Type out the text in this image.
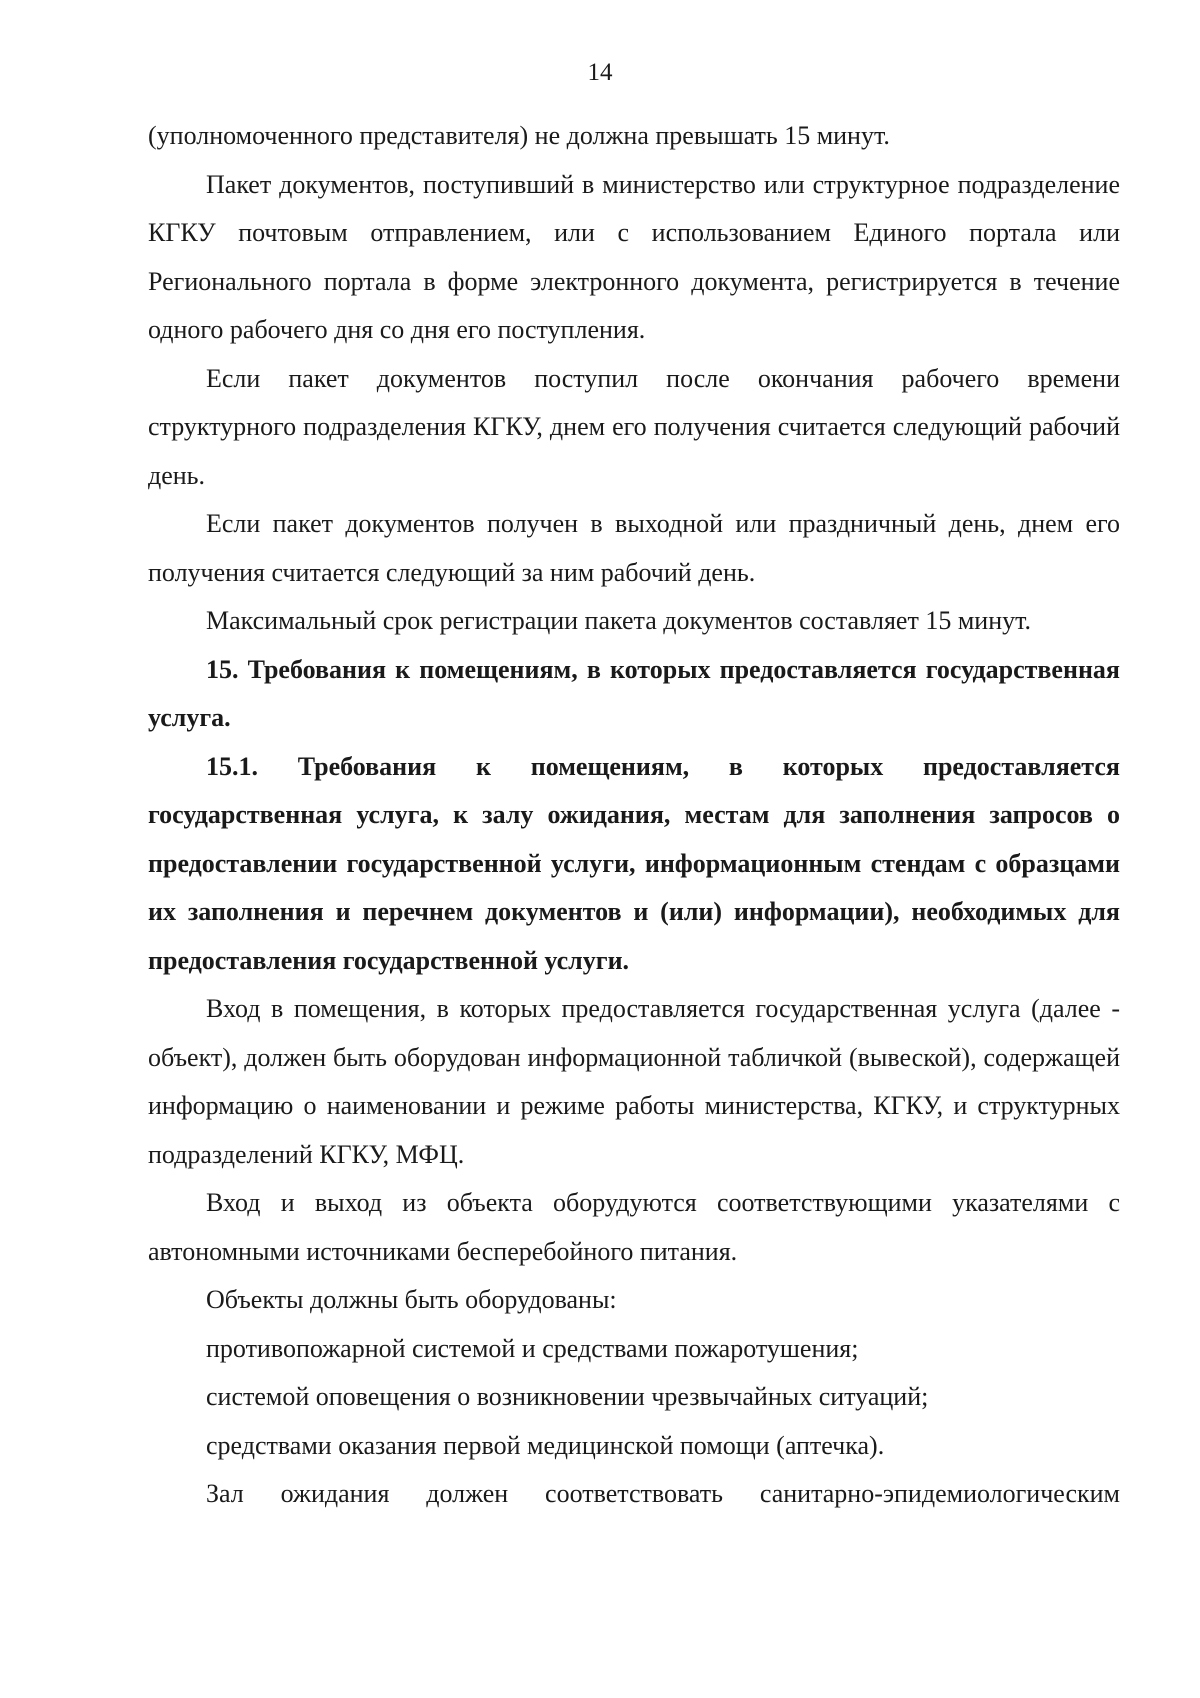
14

(уполномоченного представителя) не должна превышать 15 минут.

Пакет документов, поступивший в министерство или структурное подразделение КГКУ почтовым отправлением, или с использованием Единого портала или Регионального портала в форме электронного документа, регистрируется в течение одного рабочего дня со дня его поступления.

Если пакет документов поступил после окончания рабочего времени структурного подразделения КГКУ, днем его получения считается следующий рабочий день.

Если пакет документов получен в выходной или праздничный день, днем его получения считается следующий за ним рабочий день.

Максимальный срок регистрации пакета документов составляет 15 минут.

15. Требования к помещениям, в которых предоставляется государственная услуга.

15.1. Требования к помещениям, в которых предоставляется государственная услуга, к залу ожидания, местам для заполнения запросов о предоставлении государственной услуги, информационным стендам с образцами их заполнения и перечнем документов и (или) информации), необходимых для предоставления государственной услуги.

Вход в помещения, в которых предоставляется государственная услуга (далее - объект), должен быть оборудован информационной табличкой (вывеской), содержащей информацию о наименовании и режиме работы министерства, КГКУ, и структурных подразделений КГКУ, МФЦ.

Вход и выход из объекта оборудуются соответствующими указателями с автономными источниками бесперебойного питания.

Объекты должны быть оборудованы:

противопожарной системой и средствами пожаротушения;

системой оповещения о возникновении чрезвычайных ситуаций;

средствами оказания первой медицинской помощи (аптечка).

Зал ожидания должен соответствовать санитарно-эпидемиологическим
